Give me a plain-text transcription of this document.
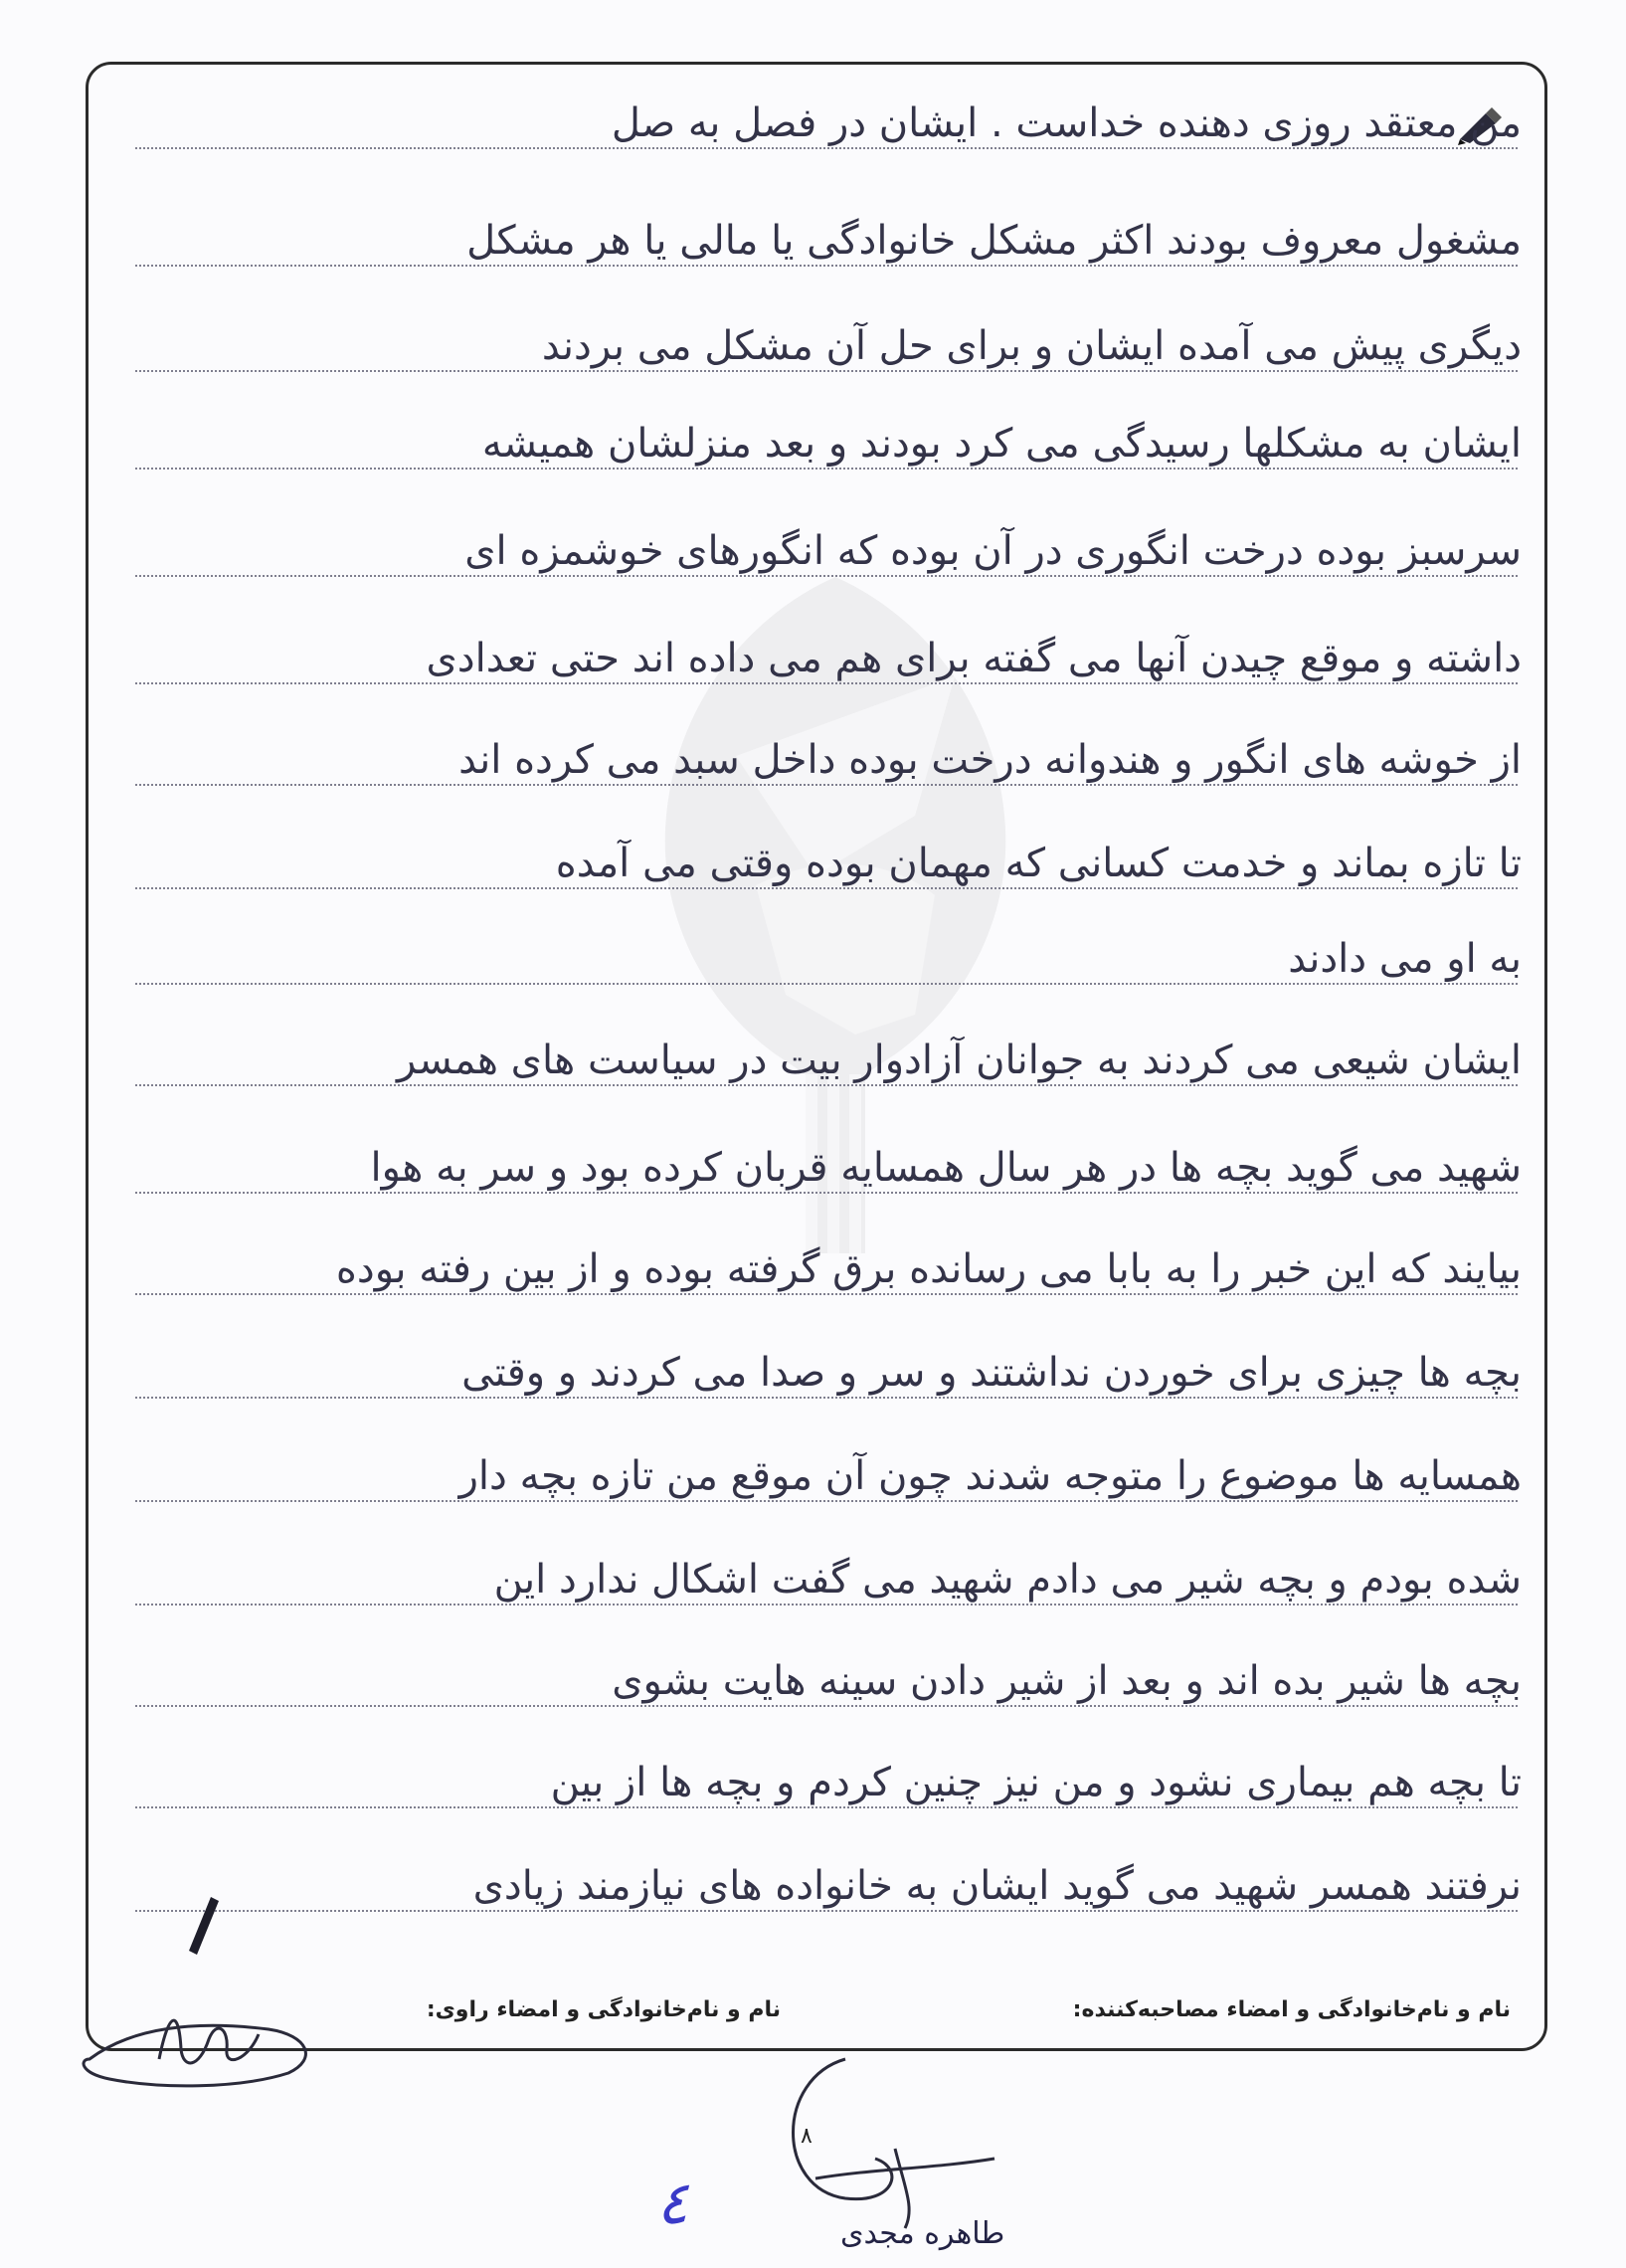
من معتقد روزی دهنده خداست . ایشان در فصل به صل
مشغول معروف بودند اکثر مشکل خانوادگی یا مالی یا هر مشکل
دیگری پیش می آمده ایشان و برای حل آن مشکل می بردند
ایشان به مشکلها رسیدگی می کرد بودند و بعد منزلشان همیشه
سرسبز بوده درخت انگوری در آن بوده که انگورهای خوشمزه ای
داشته و موقع چیدن آنها می گفته برای هم می داده اند حتی تعدادی
از خوشه های انگور و هندوانه درخت بوده داخل سبد می کرده اند
تا تازه بماند و خدمت کسانی که مهمان بوده وقتی می آمده
به او می دادند
ایشان شیعی می کردند به جوانان آزادوار بیت در سیاست های همسر
شهید می گوید بچه ها در هر سال همسایه قربان کرده بود و سر به هوا
بیایند که این خبر را به بابا می رسانده برق گرفته بوده و از بین رفته بوده
بچه ها چیزی برای خوردن نداشتند و سر و صدا می کردند و وقتی
همسایه ها موضوع را متوجه شدند چون آن موقع من تازه بچه دار
شده بودم و بچه شیر می دادم شهید می گفت اشکال ندارد این
بچه ها شیر بده اند و بعد از شیر دادن سینه هایت بشوی
تا بچه هم بیماری نشود و من نیز چنین کردم و بچه ها از بین
نرفتند همسر شهید می گوید ایشان به خانواده های نیازمند زیادی
نام و نام‌خانوادگی و امضاء مصاحبه‌کننده:
نام و نام‌خانوادگی و امضاء راوی:
۸
٤	طاهره مجدی
